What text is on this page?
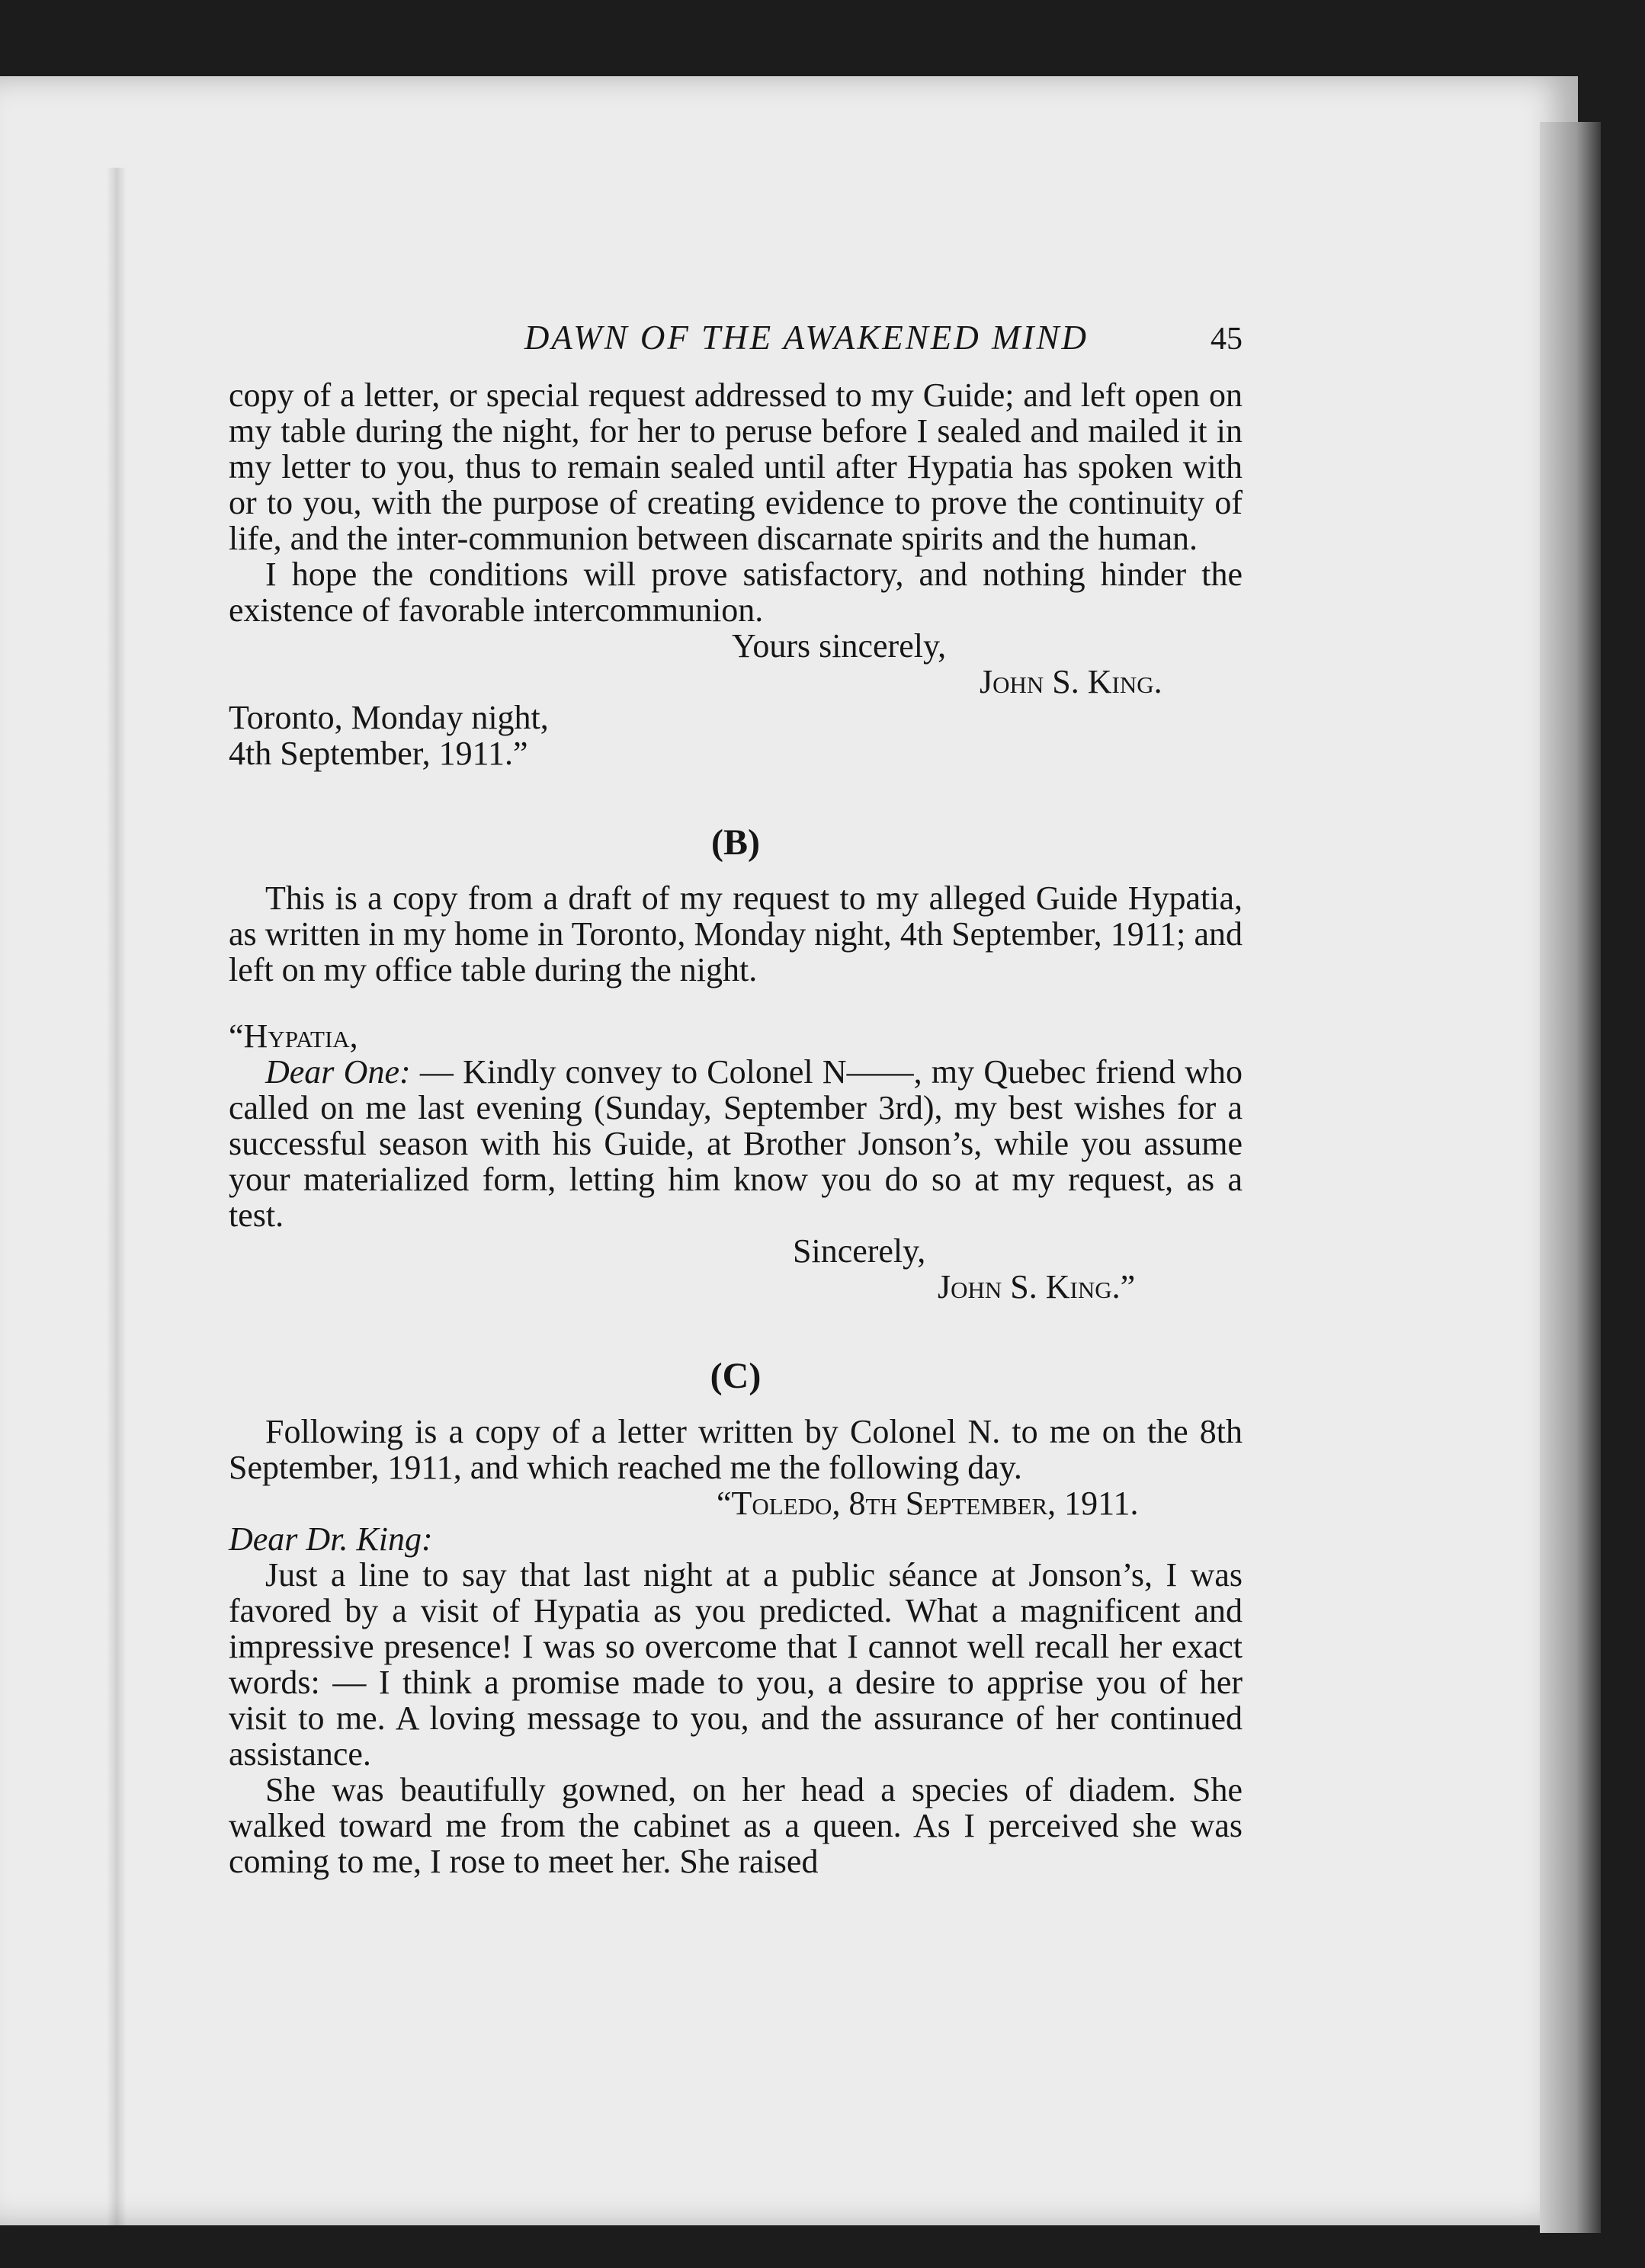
DAWN OF THE AWAKENED MIND	45

copy of a letter, or special request addressed to my Guide; and left open on my table during the night, for her to peruse before I sealed and mailed it in my letter to you, thus to remain sealed until after Hypatia has spoken with or to you, with the purpose of creating evidence to prove the continuity of life, and the inter-communion between discarnate spirits and the human.

I hope the conditions will prove satisfactory, and nothing hinder the existence of favorable intercommunion.

Yours sincerely,

John S. King.

Toronto, Monday night,

4th September, 1911.”

(B)

This is a copy from a draft of my request to my alleged Guide Hypatia, as written in my home in Toronto, Monday night, 4th September, 1911; and left on my office table during the night.

“Hypatia,

Dear One: — Kindly convey to Colonel N——, my Quebec friend who called on me last evening (Sunday, September 3rd), my best wishes for a successful season with his Guide, at Brother Jonson’s, while you assume your materialized form, letting him know you do so at my request, as a test.

Sincerely,

John S. King.”

(C)

Following is a copy of a letter written by Colonel N. to me on the 8th September, 1911, and which reached me the following day.

“Toledo, 8th September, 1911.

Dear Dr. King:

Just a line to say that last night at a public séance at Jonson’s, I was favored by a visit of Hypatia as you predicted. What a magnificent and impressive presence! I was so overcome that I cannot well recall her exact words: — I think a promise made to you, a desire to apprise you of her visit to me. A loving message to you, and the assurance of her continued assistance.

She was beautifully gowned, on her head a species of diadem. She walked toward me from the cabinet as a queen. As I perceived she was coming to me, I rose to meet her. She raised
